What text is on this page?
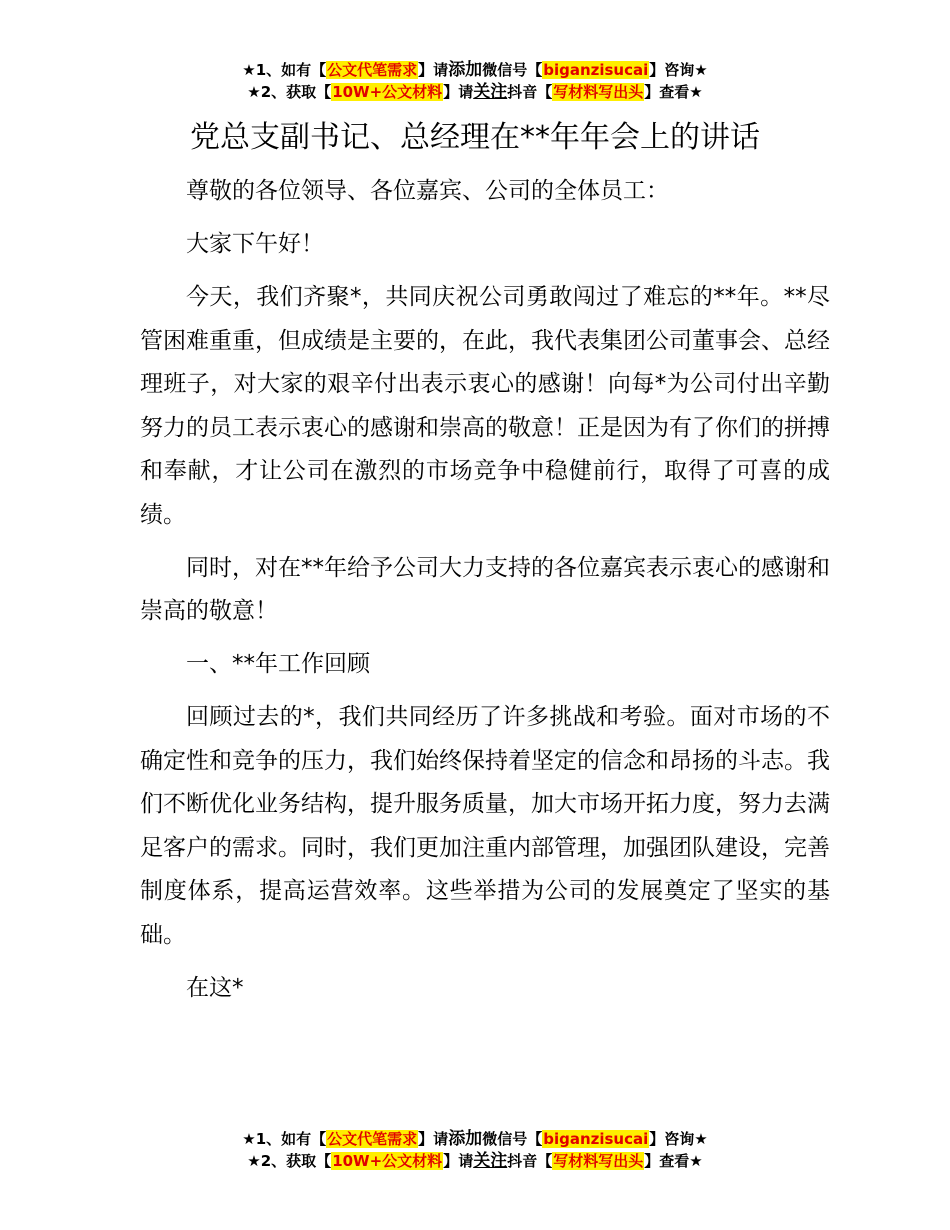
★1、如有【公文代笔需求】请添加微信号【biganzisucai】咨询★
★2、获取【10W+公文材料】请关注抖音【写材料写出头】查看★
党总支副书记、总经理在**年年会上的讲话

尊敬的各位领导、各位嘉宾、公司的全体员工：

大家下午好！

今天，我们齐聚*，共同庆祝公司勇敢闯过了难忘的**年。**尽管困难重重，但成绩是主要的，在此，我代表集团公司董事会、总经理班子，对大家的艰辛付出表示衷心的感谢！向每*为公司付出辛勤努力的员工表示衷心的感谢和崇高的敬意！正是因为有了你们的拼搏和奉献，才让公司在激烈的市场竞争中稳健前行，取得了可喜的成绩。

同时，对在**年给予公司大力支持的各位嘉宾表示衷心的感谢和崇高的敬意！

一、**年工作回顾

回顾过去的*，我们共同经历了许多挑战和考验。面对市场的不确定性和竞争的压力，我们始终保持着坚定的信念和昂扬的斗志。我们不断优化业务结构，提升服务质量，加大市场开拓力度，努力去满足客户的需求。同时，我们更加注重内部管理，加强团队建设，完善制度体系，提高运营效率。这些举措为公司的发展奠定了坚实的基础。

在这*

★1、如有【公文代笔需求】请添加微信号【biganzisucai】咨询★
★2、获取【10W+公文材料】请关注抖音【写材料写出头】查看★
